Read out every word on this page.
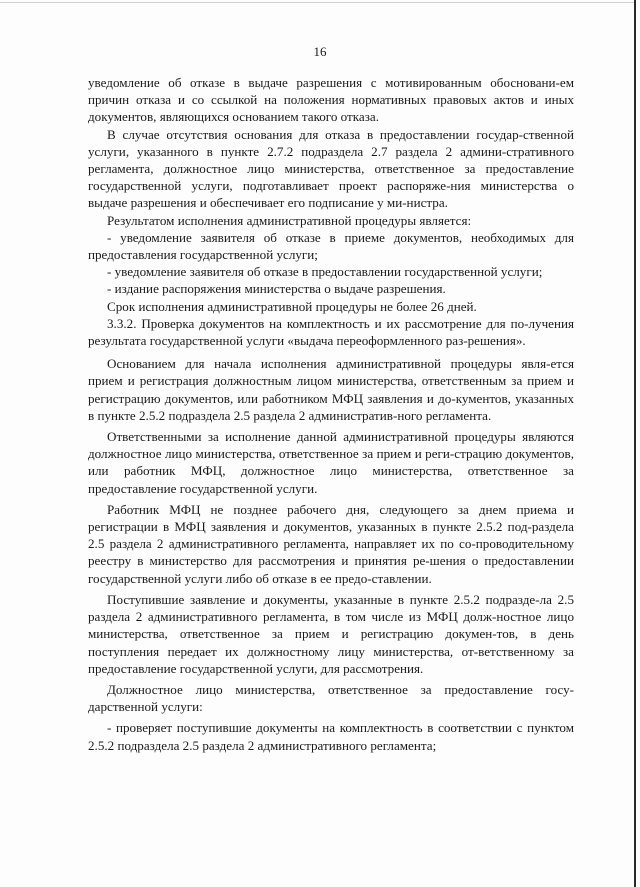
16

уведомление об отказе в выдаче разрешения с мотивированным обосновани-ем причин отказа и со ссылкой на положения нормативных правовых актов и иных документов, являющихся основанием такого отказа.

В случае отсутствия основания для отказа в предоставлении государ-ственной услуги, указанного в пункте 2.7.2 подраздела 2.7 раздела 2 админи-стративного регламента, должностное лицо министерства, ответственное за предоставление государственной услуги, подготавливает проект распоряже-ния министерства о выдаче разрешения и обеспечивает его подписание у ми-нистра.

Результатом исполнения административной процедуры является:

- уведомление заявителя об отказе в приеме документов, необходимых для предоставления государственной услуги;

- уведомление заявителя об отказе в предоставлении государственной услуги;

- издание распоряжения министерства о выдаче разрешения.

Срок исполнения административной процедуры не более 26 дней.

3.3.2. Проверка документов на комплектность и их рассмотрение для по-лучения результата государственной услуги «выдача переоформленного раз-решения».

Основанием для начала исполнения административной процедуры явля-ется прием и регистрация должностным лицом министерства, ответственным за прием и регистрацию документов, или работником МФЦ заявления и до-кументов, указанных в пункте 2.5.2 подраздела 2.5 раздела 2 административ-ного регламента.

Ответственными за исполнение данной административной процедуры являются должностное лицо министерства, ответственное за прием и реги-страцию документов, или работник МФЦ, должностное лицо министерства, ответственное за предоставление государственной услуги.

Работник МФЦ не позднее рабочего дня, следующего за днем приема и регистрации в МФЦ заявления и документов, указанных в пункте 2.5.2 под-раздела 2.5 раздела 2 административного регламента, направляет их по со-проводительному реестру в министерство для рассмотрения и принятия ре-шения о предоставлении государственной услуги либо об отказе в ее предо-ставлении.

Поступившие заявление и документы, указанные в пункте 2.5.2 подразде-ла 2.5 раздела 2 административного регламента, в том числе из МФЦ долж-ностное лицо министерства, ответственное за прием и регистрацию докумен-тов, в день поступления передает их должностному лицу министерства, от-ветственному за предоставление государственной услуги, для рассмотрения.

Должностное лицо министерства, ответственное за предоставление госу-дарственной услуги:

- проверяет поступившие документы на комплектность в соответствии с пунктом 2.5.2 подраздела 2.5 раздела 2 административного регламента;
